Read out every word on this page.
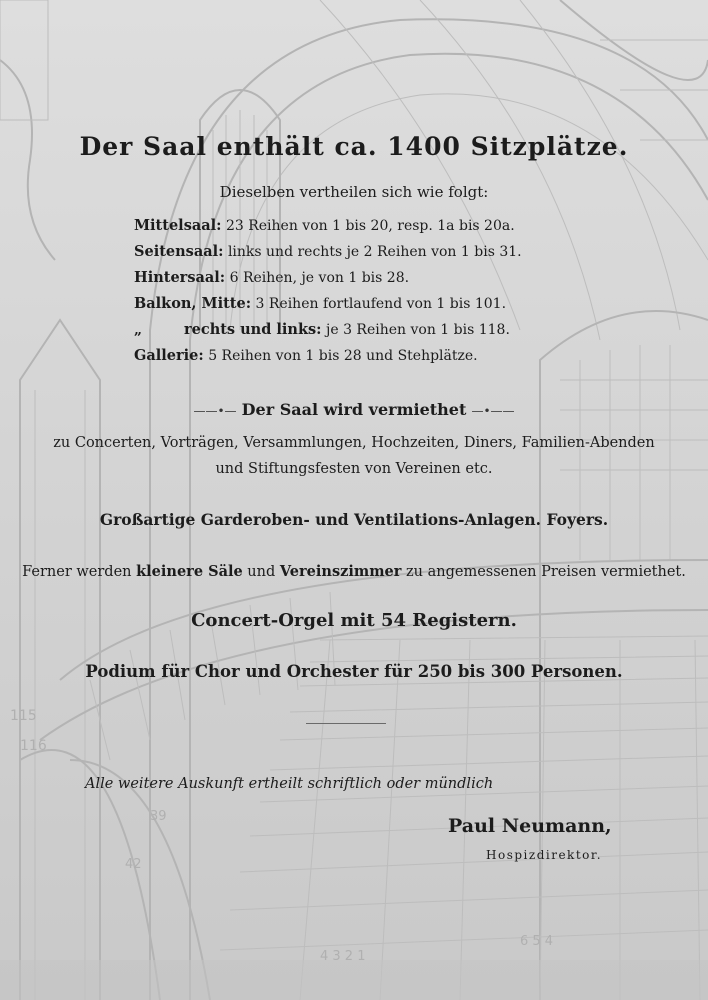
115
116
39
42
4 3 2 1
6 5 4
Der Saal enthält ca. 1400 Sitzplätze.
Dieselben vertheilen sich wie folgt:
Mittelsaal: 23 Reihen von 1 bis 20, resp. 1a bis 20a.
Seitensaal: links und rechts je 2 Reihen von 1 bis 31.
Hintersaal: 6 Reihen, je von 1 bis 28.
Balkon, Mitte: 3 Reihen fortlaufend von 1 bis 101.
„	rechts und links: je 3 Reihen von 1 bis 118.
Gallerie: 5 Reihen von 1 bis 28 und Stehplätze.
——•— Der Saal wird vermiethet —•——
zu Concerten, Vorträgen, Versammlungen, Hochzeiten, Diners, Familien-Abenden
und Stiftungsfesten von Vereinen etc.
Großartige Garderoben- und Ventilations-Anlagen. Foyers.
Ferner werden kleinere Säle und Vereinszimmer zu angemessenen Preisen vermiethet.
Concert-Orgel mit 54 Registern.
Podium für Chor und Orchester für 250 bis 300 Personen.
Alle weitere Auskunft ertheilt schriftlich oder mündlich
Paul Neumann,
Hospizdirektor.
